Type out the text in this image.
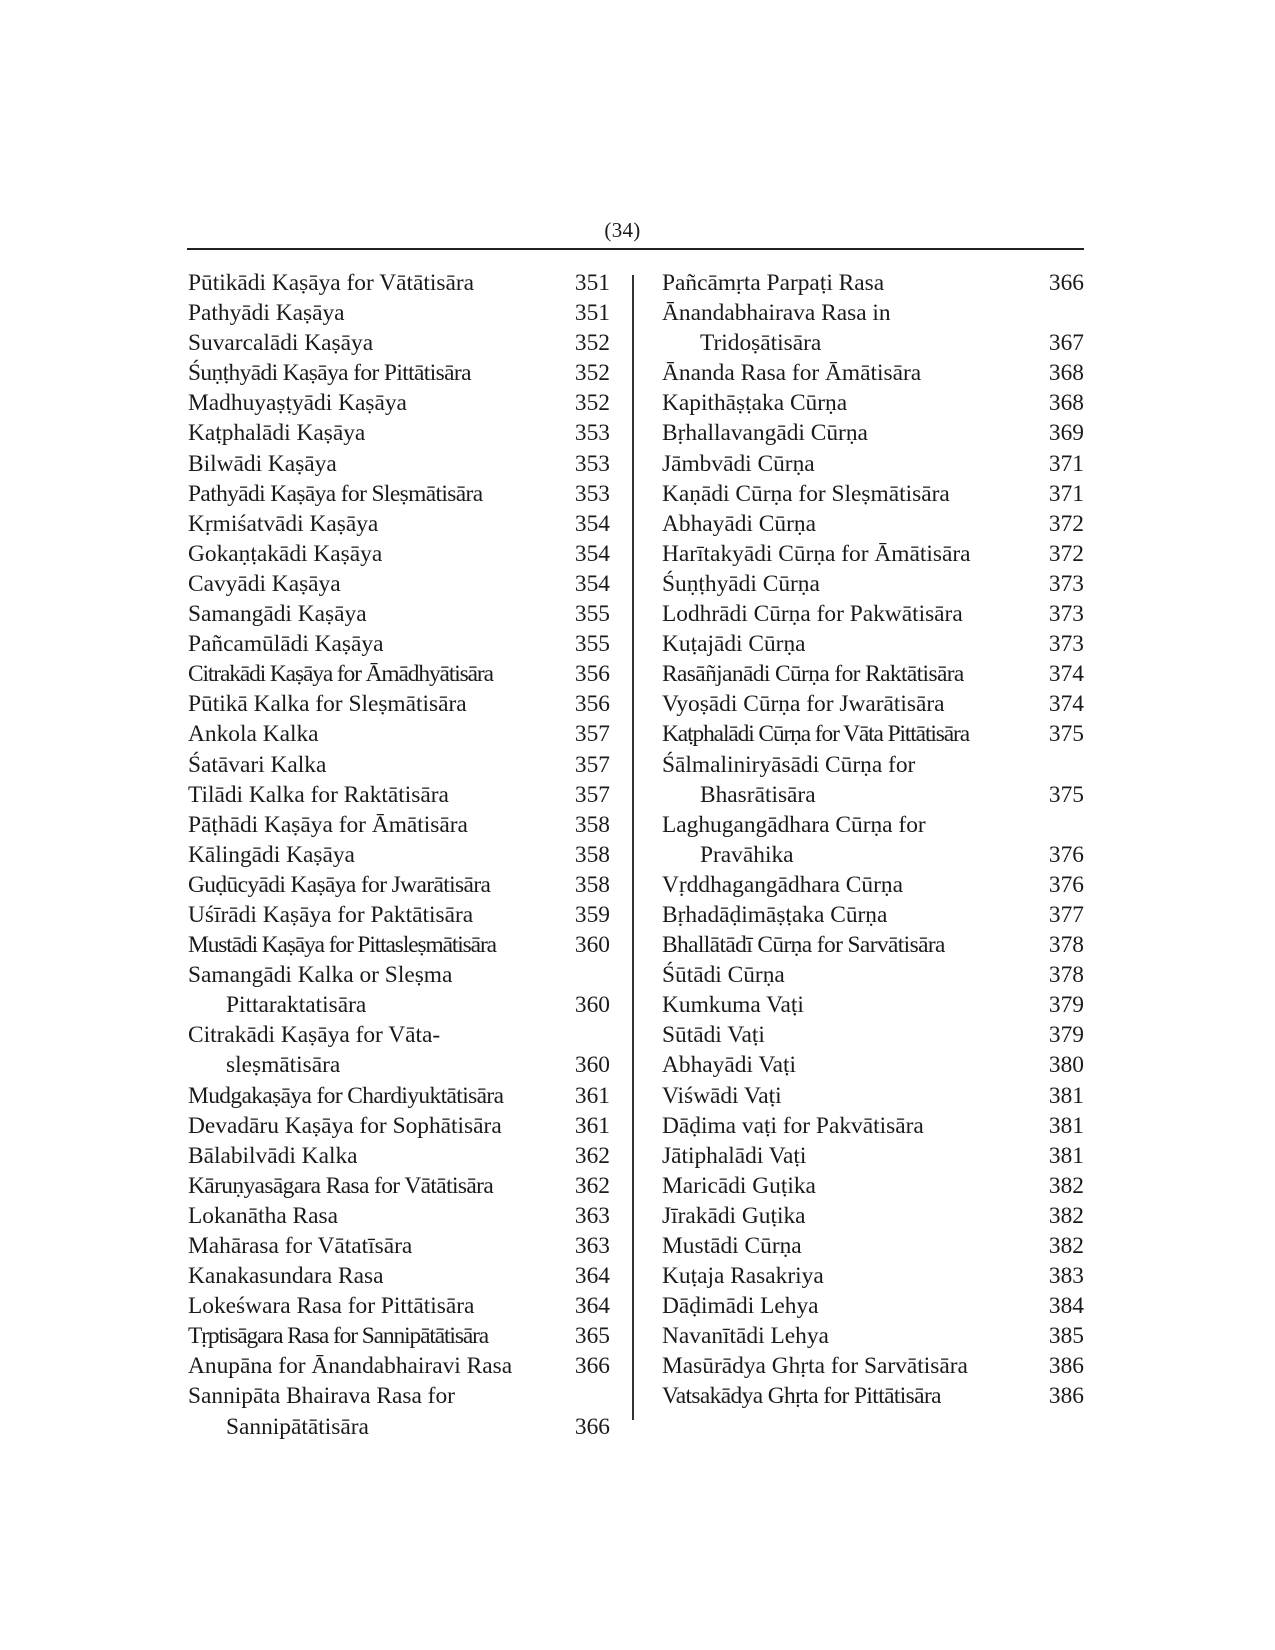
(34)
Pūtikādi Kaṣāya for Vātātisāra	351
Pathyādi Kaṣāya	351
Suvarcalādi Kaṣāya	352
Śuṇṭhyādi Kaṣāya for Pittātisāra	352
Madhuyaṣṭyādi Kaṣāya	352
Kaṭphalādi Kaṣāya	353
Bilwādi Kaṣāya	353
Pathyādi Kaṣāya for Sleṣmātisāra	353
Kṛmiśatvādi Kaṣāya	354
Gokaṇṭakādi Kaṣāya	354
Cavyādi Kaṣāya	354
Samangādi Kaṣāya	355
Pañcamūlādi Kaṣāya	355
Citrakādi Kaṣāya for Āmādhyātisāra	356
Pūtikā Kalka for Sleṣmātisāra	356
Ankola Kalka	357
Śatāvari Kalka	357
Tilādi Kalka for Raktātisāra	357
Pāṭhādi Kaṣāya for Āmātisāra	358
Kālingādi Kaṣāya	358
Guḍūcyādi Kaṣāya for Jwarātisāra	358
Uśīrādi Kaṣāya for Paktātisāra	359
Mustādi Kaṣāya for Pittasleṣmātisāra	360
Samangādi Kalka or Sleṣma
Pittaraktatisāra	360
Citrakādi Kaṣāya for Vāta-
sleṣmātisāra	360
Mudgakaṣāya for Chardiyuktātisāra	361
Devadāru Kaṣāya for Sophātisāra	361
Bālabilvādi Kalka	362
Kāruṇyasāgara Rasa for Vātātisāra	362
Lokanātha Rasa	363
Mahārasa for Vātatīsāra	363
Kanakasundara Rasa	364
Lokeśwara Rasa for Pittātisāra	364
Tṛptisāgara Rasa for Sannipātātisāra	365
Anupāna for Ānandabhairavi Rasa	366
Sannipāta Bhairava Rasa for
Sannipātātisāra	366
Pañcāmṛta Parpaṭi Rasa	366
Ānandabhairava Rasa in
Tridoṣātisāra	367
Ānanda Rasa for Āmātisāra	368
Kapithāṣṭaka Cūrṇa	368
Bṛhallavangādi Cūrṇa	369
Jāmbvādi Cūrṇa	371
Kaṇādi Cūrṇa for Sleṣmātisāra	371
Abhayādi Cūrṇa	372
Harītakyādi Cūrṇa for Āmātisāra	372
Śuṇṭhyādi Cūrṇa	373
Lodhrādi Cūrṇa for Pakwātisāra	373
Kuṭajādi Cūrṇa	373
Rasāñjanādi Cūrṇa for Raktātisāra	374
Vyoṣādi Cūrṇa for Jwarātisāra	374
Kaṭphalādi Cūrṇa for Vāta Pittātisāra	375
Śālmaliniryāsādi Cūrṇa for
Bhasrātisāra	375
Laghugangādhara Cūrṇa for
Pravāhika	376
Vṛddhagangādhara Cūrṇa	376
Bṛhadāḍimāṣṭaka Cūrṇa	377
Bhallātādī Cūrṇa for Sarvātisāra	378
Śūtādi Cūrṇa	378
Kumkuma Vaṭi	379
Sūtādi Vaṭi	379
Abhayādi Vaṭi	380
Viśwādi Vaṭi	381
Dāḍima vaṭi for Pakvātisāra	381
Jātiphalādi Vaṭi	381
Maricādi Guṭika	382
Jīrakādi Guṭika	382
Mustādi Cūrṇa	382
Kuṭaja Rasakriya	383
Dāḍimādi Lehya	384
Navanītādi Lehya	385
Masūrādya Ghṛta for Sarvātisāra	386
Vatsakādya Ghṛta for Pittātisāra	386
